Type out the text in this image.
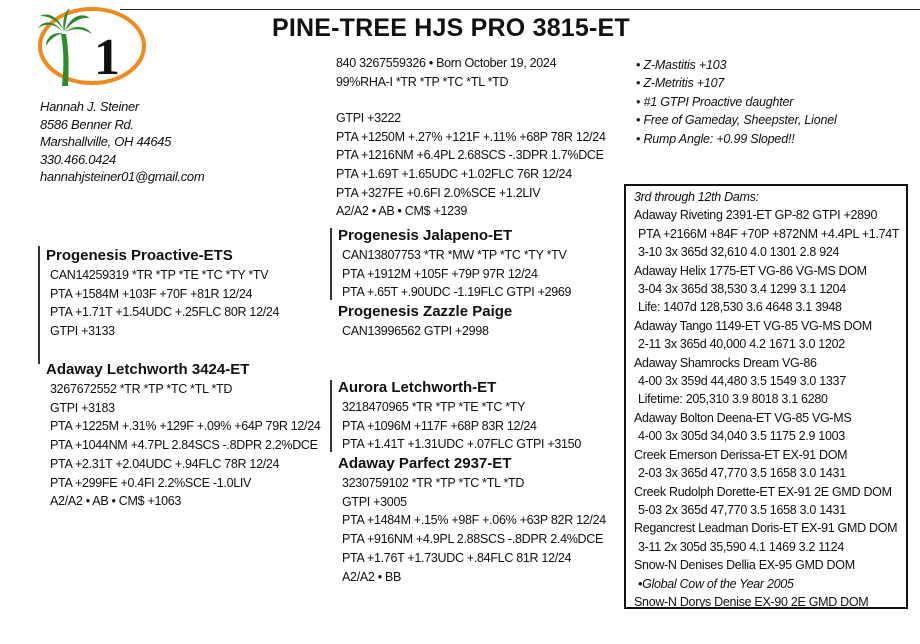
1
PINE-TREE HJS PRO 3815-ET
Hannah J. Steiner
8586 Benner Rd.
Marshallville, OH 44645
330.466.0424
hannahjsteiner01@gmail.com
840 3267559326 • Born October 19, 2024
99%RHA-I *TR *TP *TC *TL *TD
GTPI +3222
PTA +1250M +.27% +121F +.11% +68P 78R 12/24
PTA +1216NM +6.4PL 2.68SCS -.3DPR 1.7%DCE
PTA +1.69T +1.65UDC +1.02FLC 76R 12/24
PTA +327FE +0.6FI 2.0%SCE +1.2LIV
A2/A2 • AB • CM$ +1239
• Z-Mastitis +103
• Z-Metritis +107
• #1 GTPI Proactive daughter
• Free of Gameday, Sheepster, Lionel
• Rump Angle: +0.99 Sloped!!
Progenesis Proactive-ETS
CAN14259319 *TR *TP *TE *TC *TY *TV
PTA +1584M +103F +70F +81R 12/24
PTA +1.71T +1.54UDC +.25FLC 80R 12/24
GTPI +3133
Adaway Letchworth 3424-ET
3267672552 *TR *TP *TC *TL *TD
GTPI +3183
PTA +1225M +.31% +129F +.09% +64P 79R 12/24
PTA +1044NM +4.7PL 2.84SCS -.8DPR 2.2%DCE
PTA +2.31T +2.04UDC +.94FLC 78R 12/24
PTA +299FE +0.4FI 2.2%SCE -1.0LIV
A2/A2 • AB • CM$ +1063
Progenesis Jalapeno-ET
CAN13807753 *TR *MW *TP *TC *TY *TV
PTA +1912M +105F +79P 97R 12/24
PTA +.65T +.90UDC -1.19FLC GTPI +2969
Progenesis Zazzle Paige
CAN13996562 GTPI +2998
Aurora Letchworth-ET
3218470965 *TR *TP *TE *TC *TY
PTA +1096M +117F +68P 83R 12/24
PTA +1.41T +1.31UDC +.07FLC GTPI +3150
Adaway Parfect 2937-ET
3230759102 *TR *TP *TC *TL *TD
GTPI +3005
PTA +1484M +.15% +98F +.06% +63P 82R 12/24
PTA +916NM +4.9PL 2.88SCS -.8DPR 2.4%DCE
PTA +1.76T +1.73UDC +.84FLC 81R 12/24
A2/A2 • BB
3rd through 12th Dams:
Adaway Riveting 2391-ET GP-82 GTPI +2890
PTA +2166M +84F +70P +872NM +4.4PL +1.74T
3-10 3x 365d 32,610 4.0 1301 2.8 924
Adaway Helix 1775-ET VG-86 VG-MS DOM
3-04 3x 365d 38,530 3.4 1299 3.1 1204
Life: 1407d 128,530 3.6 4648 3.1 3948
Adaway Tango 1149-ET VG-85 VG-MS DOM
2-11 3x 365d 40,000 4.2 1671 3.0 1202
Adaway Shamrocks Dream VG-86
4-00 3x 359d 44,480 3.5 1549 3.0 1337
Lifetime: 205,310 3.9 8018 3.1 6280
Adaway Bolton Deena-ET VG-85 VG-MS
4-00 3x 305d 34,040 3.5 1175 2.9 1003
Creek Emerson Derissa-ET EX-91 DOM
2-03 3x 365d 47,770 3.5 1658 3.0 1431
Creek Rudolph Dorette-ET EX-91 2E GMD DOM
5-03 2x 365d 47,770 3.5 1658 3.0 1431
Regancrest Leadman Doris-ET EX-91 GMD DOM
3-11 2x 305d 35,590 4.1 1469 3.2 1124
Snow-N Denises Dellia EX-95 GMD DOM
•Global Cow of the Year 2005
Snow-N Dorys Denise EX-90 2E GMD DOM
